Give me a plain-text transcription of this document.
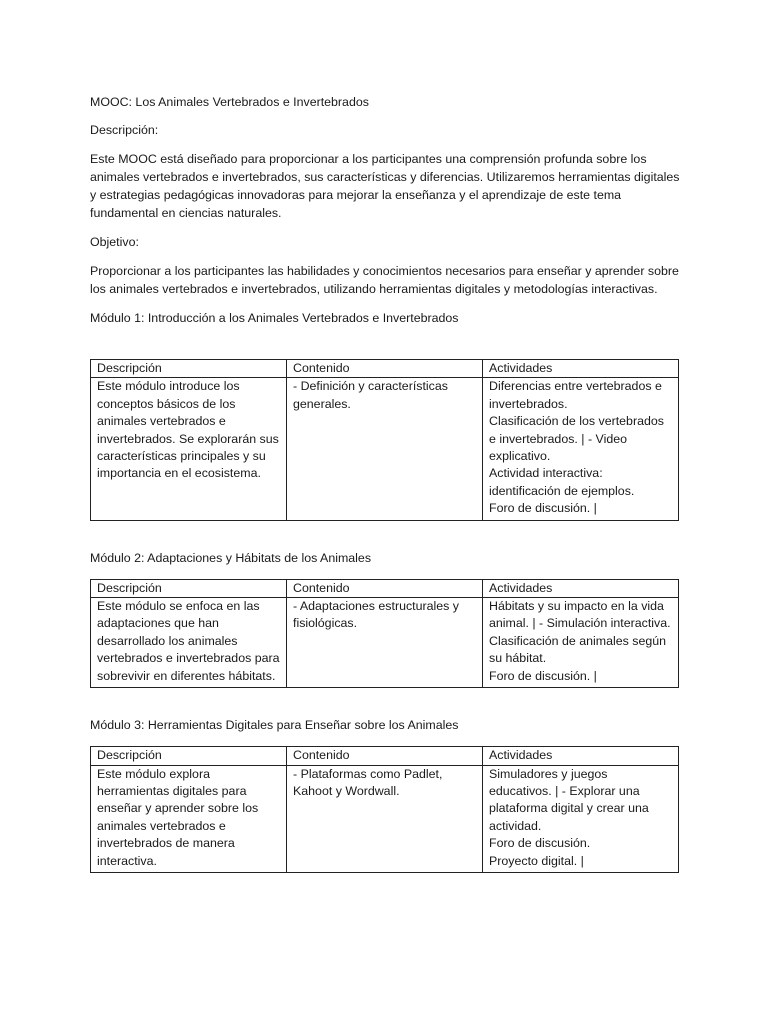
MOOC: Los Animales Vertebrados e Invertebrados

Descripción:

Este MOOC está diseñado para proporcionar a los participantes una comprensión profunda sobre los animales vertebrados e invertebrados, sus características y diferencias. Utilizaremos herramientas digitales y estrategias pedagógicas innovadoras para mejorar la enseñanza y el aprendizaje de este tema fundamental en ciencias naturales.

Objetivo:

Proporcionar a los participantes las habilidades y conocimientos necesarios para enseñar y aprender sobre los animales vertebrados e invertebrados, utilizando herramientas digitales y metodologías interactivas.

Módulo 1: Introducción a los Animales Vertebrados e Invertebrados

Descripción	Contenido	Actividades
Este módulo introduce los conceptos básicos de los animales vertebrados e invertebrados. Se explorarán sus características principales y su importancia en el ecosistema.	- Definición y características generales.	Diferencias entre vertebrados e invertebrados.
Clasificación de los vertebrados e invertebrados. | - Video explicativo.
Actividad interactiva: identificación de ejemplos.
Foro de discusión. |

Módulo 2: Adaptaciones y Hábitats de los Animales

Descripción	Contenido	Actividades
Este módulo se enfoca en las adaptaciones que han desarrollado los animales vertebrados e invertebrados para sobrevivir en diferentes hábitats.	- Adaptaciones estructurales y fisiológicas.	Hábitats y su impacto en la vida animal. | - Simulación interactiva.
Clasificación de animales según su hábitat.
Foro de discusión. |

Módulo 3: Herramientas Digitales para Enseñar sobre los Animales

Descripción	Contenido	Actividades
Este módulo explora herramientas digitales para enseñar y aprender sobre los animales vertebrados e invertebrados de manera interactiva.	- Plataformas como Padlet, Kahoot y Wordwall.	Simuladores y juegos educativos. | - Explorar una plataforma digital y crear una actividad.
Foro de discusión.
Proyecto digital. |
